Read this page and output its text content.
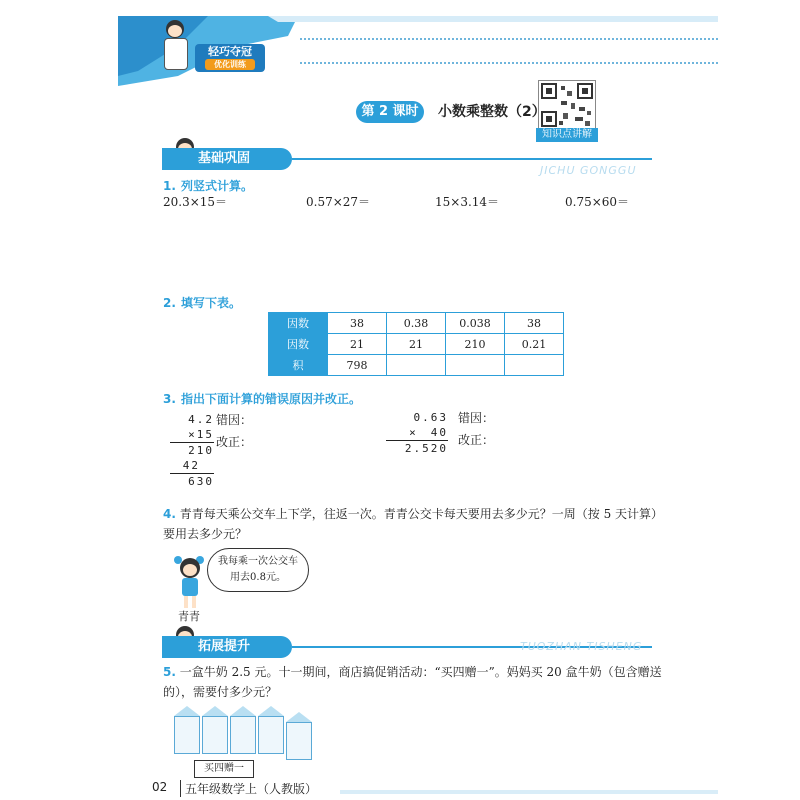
轻巧夺冠
优化训练
第 2 课时	小数乘整数（2）
知识点讲解
基础巩固
JICHU GONGGU
1. 列竖式计算。
20.3×15＝	0.57×27＝	15×3.14＝	0.75×60＝
2. 填写下表。
因数	38	0.38	0.038	38
因数	21	21	210	0.21
积	798			
3. 指出下面计算的错误原因并改正。
4.2
×15
210
42
630
错因：
改正：
0.63
×　40
2.520
错因：
改正：
4. 青青每天乘公交车上下学，往返一次。青青公交卡每天要用去多少元？一周（按 5 天计算）要用去多少元？
我每乘一次公交车用去0.8元。
青青
拓展提升	TUOZHAN TISHENG
5. 一盒牛奶 2.5 元。十一期间，商店搞促销活动：“买四赠一”。妈妈买 20 盒牛奶（包含赠送的），需要付多少元？
买四赠一
02	五年级数学上（人教版）
